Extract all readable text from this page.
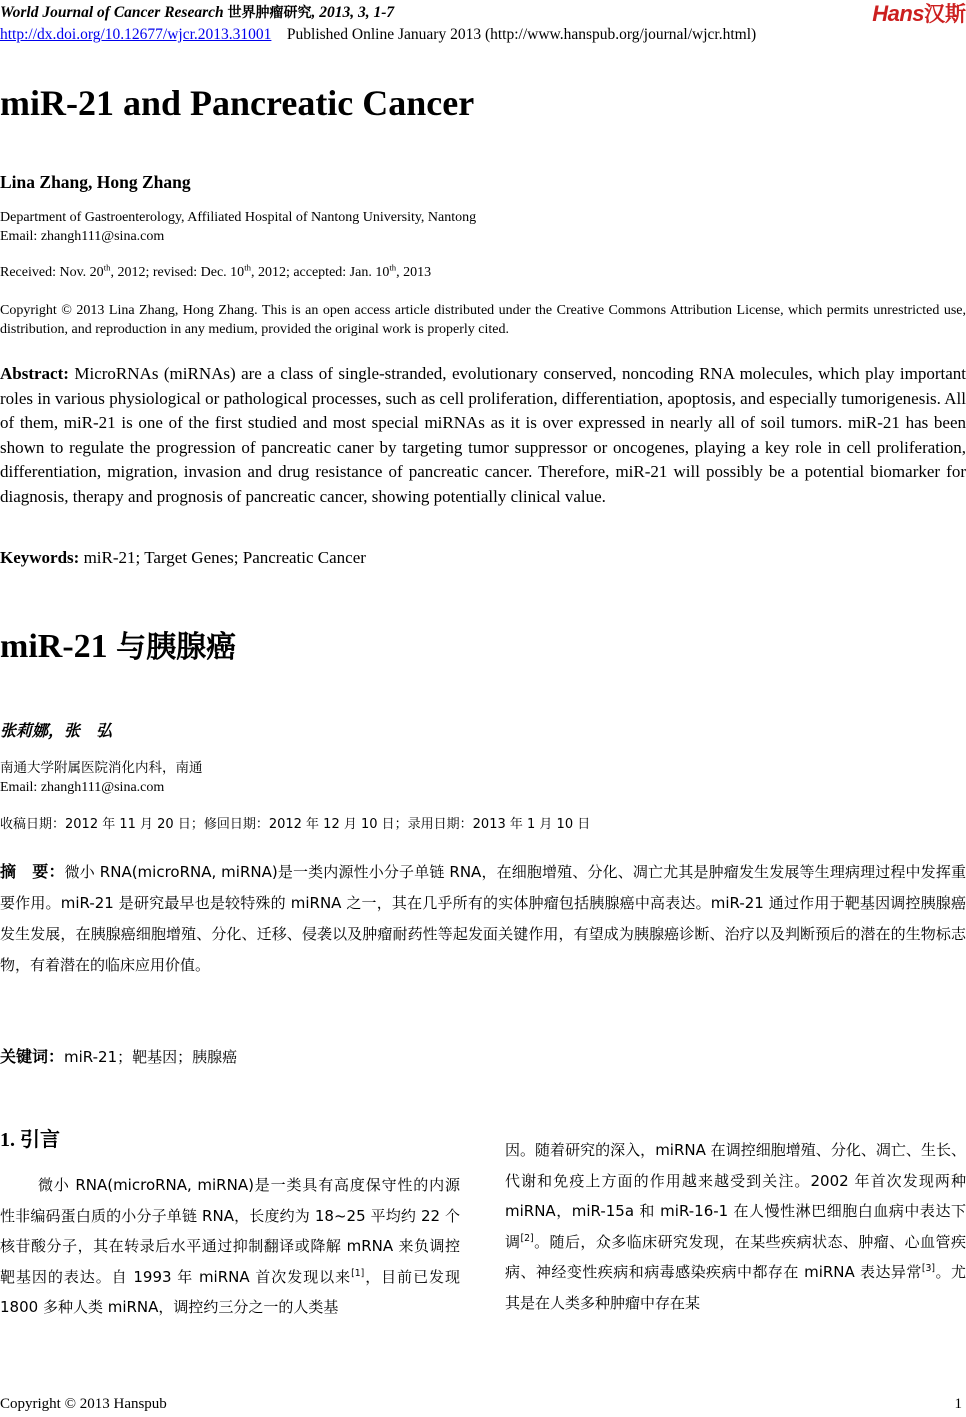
World Journal of Cancer Research 世界肿瘤研究, 2013, 3, 1-7	Hans汉斯
http://dx.doi.org/10.12677/wjcr.2013.31001 Published Online January 2013 (http://www.hanspub.org/journal/wjcr.html)
miR-21 and Pancreatic Cancer
Lina Zhang, Hong Zhang
Department of Gastroenterology, Affiliated Hospital of Nantong University, Nantong
Email: zhangh111@sina.com
Received: Nov. 20th, 2012; revised: Dec. 10th, 2012; accepted: Jan. 10th, 2013
Copyright © 2013 Lina Zhang, Hong Zhang. This is an open access article distributed under the Creative Commons Attribution License, which permits unrestricted use, distribution, and reproduction in any medium, provided the original work is properly cited.
Abstract: MicroRNAs (miRNAs) are a class of single-stranded, evolutionary conserved, noncoding RNA molecules, which play important roles in various physiological or pathological processes, such as cell proliferation, differentiation, apoptosis, and especially tumorigenesis. All of them, miR-21 is one of the first studied and most special miRNAs as it is over expressed in nearly all of soil tumors. miR-21 has been shown to regulate the progression of pancreatic caner by targeting tumor suppressor or oncogenes, playing a key role in cell proliferation, differentiation, migration, invasion and drug resistance of pancreatic cancer. Therefore, miR-21 will possibly be a potential biomarker for diagnosis, therapy and prognosis of pancreatic cancer, showing potentially clinical value.
Keywords: miR-21; Target Genes; Pancreatic Cancer
miR-21 与胰腺癌
张莉娜，张　弘
南通大学附属医院消化内科，南通
Email: zhangh111@sina.com
收稿日期：2012 年 11 月 20 日；修回日期：2012 年 12 月 10 日；录用日期：2013 年 1 月 10 日
摘　要：微小 RNA(microRNA, miRNA)是一类内源性小分子单链 RNA，在细胞增殖、分化、凋亡尤其是肿瘤发生发展等生理病理过程中发挥重要作用。miR-21 是研究最早也是较特殊的 miRNA 之一，其在几乎所有的实体肿瘤包括胰腺癌中高表达。miR-21 通过作用于靶基因调控胰腺癌发生发展，在胰腺癌细胞增殖、分化、迁移、侵袭以及肿瘤耐药性等起发面关键作用，有望成为胰腺癌诊断、治疗以及判断预后的潜在的生物标志物，有着潜在的临床应用价值。
关键词：miR-21；靶基因；胰腺癌
1. 引言
微小 RNA(microRNA, miRNA)是一类具有高度保守性的内源性非编码蛋白质的小分子单链 RNA，长度约为 18~25 平均约 22 个核苷酸分子，其在转录后水平通过抑制翻译或降解 mRNA 来负调控靶基因的表达。自 1993 年 miRNA 首次发现以来[1]，目前已发现 1800 多种人类 miRNA，调控约三分之一的人类基
因。随着研究的深入，miRNA 在调控细胞增殖、分化、凋亡、生长、代谢和免疫上方面的作用越来越受到关注。2002 年首次发现两种 miRNA，miR-15a 和 miR-16-1 在人慢性淋巴细胞白血病中表达下调[2]。随后，众多临床研究发现，在某些疾病状态、肿瘤、心血管疾病、神经变性疾病和病毒感染疾病中都存在 miRNA 表达异常[3]。尤其是在人类多种肿瘤中存在某
Copyright © 2013 Hanspub	1
